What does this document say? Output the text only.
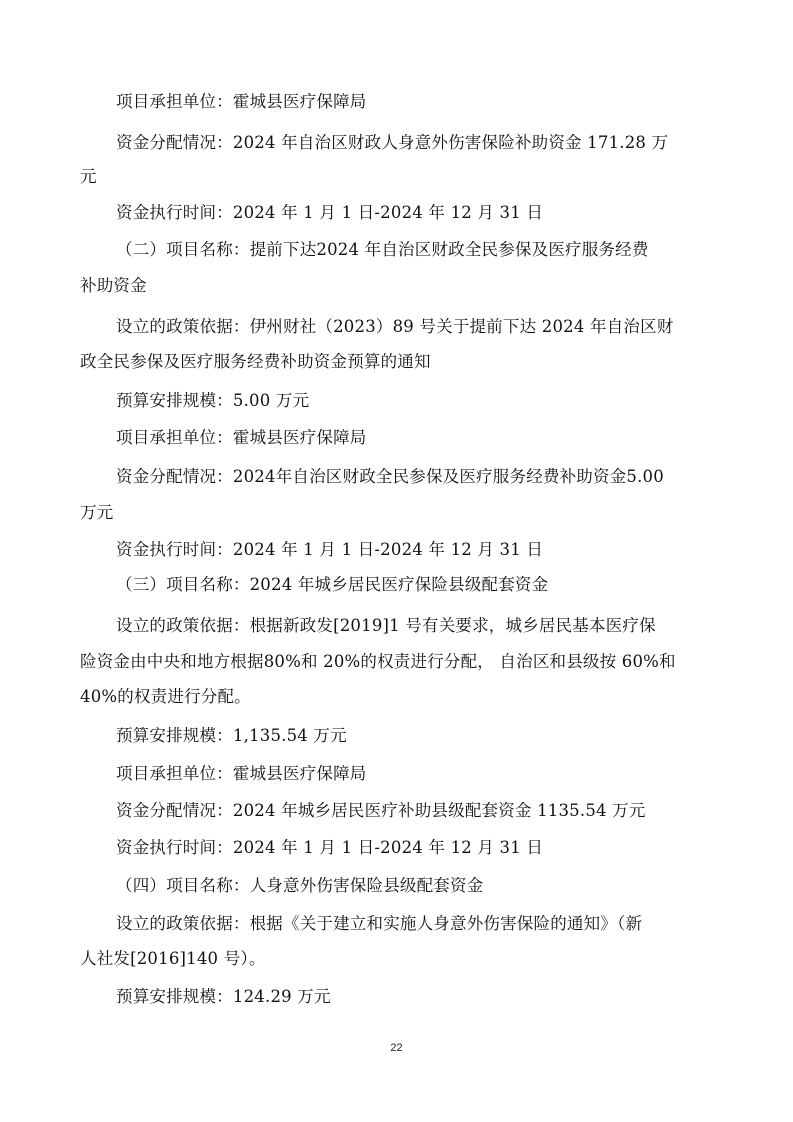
项目承担单位：霍城县医疗保障局
资金分配情况：2024 年自治区财政人身意外伤害保险补助资金 171.28 万
元
资金执行时间：2024 年 1 月 1 日-2024 年 12 月 31 日
（二）项目名称：提前下达2024 年自治区财政全民参保及医疗服务经费
补助资金
设立的政策依据：伊州财社（2023）89 号关于提前下达 2024 年自治区财
政全民参保及医疗服务经费补助资金预算的通知
预算安排规模：5.00 万元
项目承担单位：霍城县医疗保障局
资金分配情况：2024年自治区财政全民参保及医疗服务经费补助资金5.00
万元
资金执行时间：2024 年 1 月 1 日-2024 年 12 月 31 日
（三）项目名称：2024 年城乡居民医疗保险县级配套资金
设立的政策依据：根据新政发[2019]1 号有关要求，城乡居民基本医疗保
险资金由中央和地方根据80%和 20%的权责进行分配， 自治区和县级按 60%和
40%的权责进行分配。
预算安排规模：1,135.54 万元
项目承担单位：霍城县医疗保障局
资金分配情况：2024 年城乡居民医疗补助县级配套资金 1135.54 万元
资金执行时间：2024 年 1 月 1 日-2024 年 12 月 31 日
（四）项目名称：人身意外伤害保险县级配套资金
设立的政策依据：根据《关于建立和实施人身意外伤害保险的通知》（新
人社发[2016]140 号）。
预算安排规模：124.29 万元
22
